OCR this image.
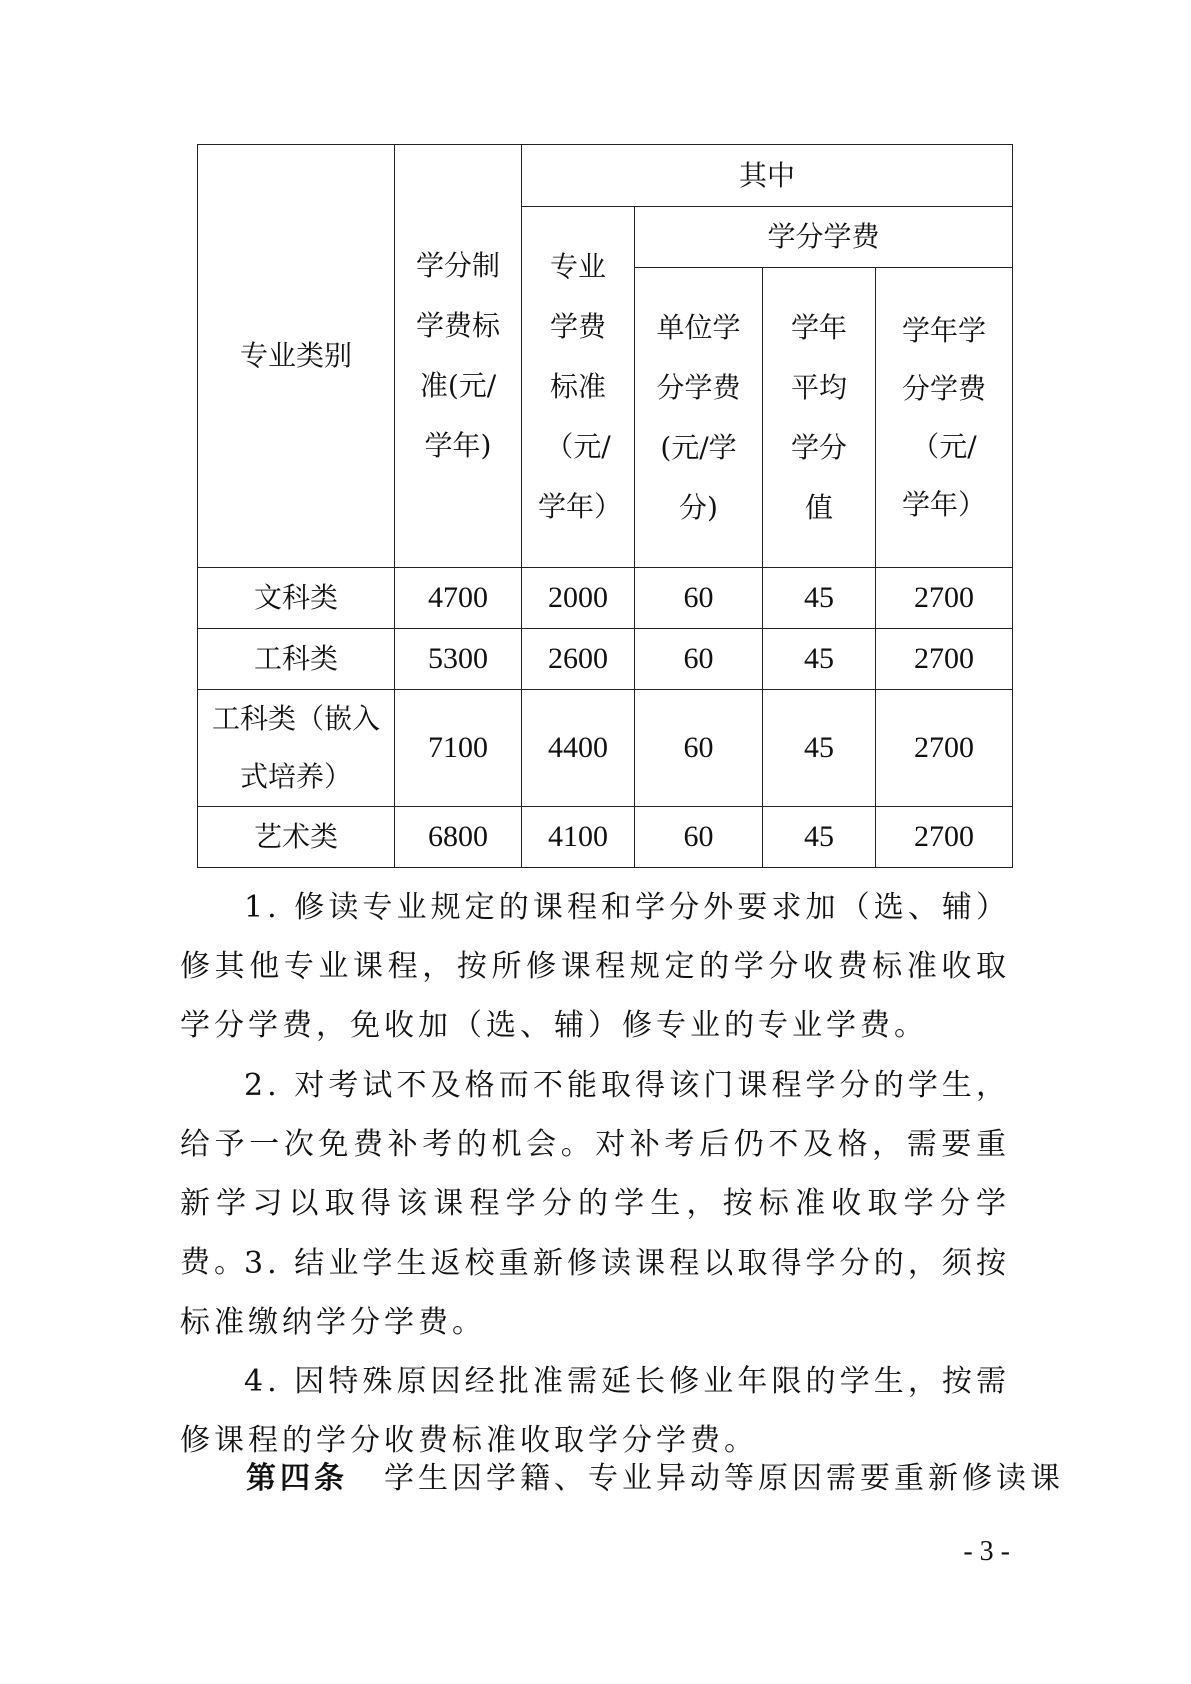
专业类别	学分制学费标准(元/学年)	其中			
		专业学费标准（元/学年）	学分学费		
			单位学分学费(元/学分)	学年平均学分值	学年学分学费（元/学年）

文科类	4700	2000	60	45	2700
工科类	5300	2600	60	45	2700
工科类（嵌入式培养）	7100	4400	60	45	2700
艺术类	6800	4100	60	45	2700

1. 修读专业规定的课程和学分外要求加（选、辅）修其他专业课程，按所修课程规定的学分收费标准收取学分学费，免收加（选、辅）修专业的专业学费。

2. 对考试不及格而不能取得该门课程学分的学生，给予一次免费补考的机会。对补考后仍不及格，需要重新学习以取得该课程学分的学生，按标准收取学分学费。

3. 结业学生返校重新修读课程以取得学分的，须按标准缴纳学分学费。

4. 因特殊原因经批准需延长修业年限的学生，按需修课程的学分收费标准收取学分学费。

第四条 学生因学籍、专业异动等原因需要重新修读课

- 3 -
